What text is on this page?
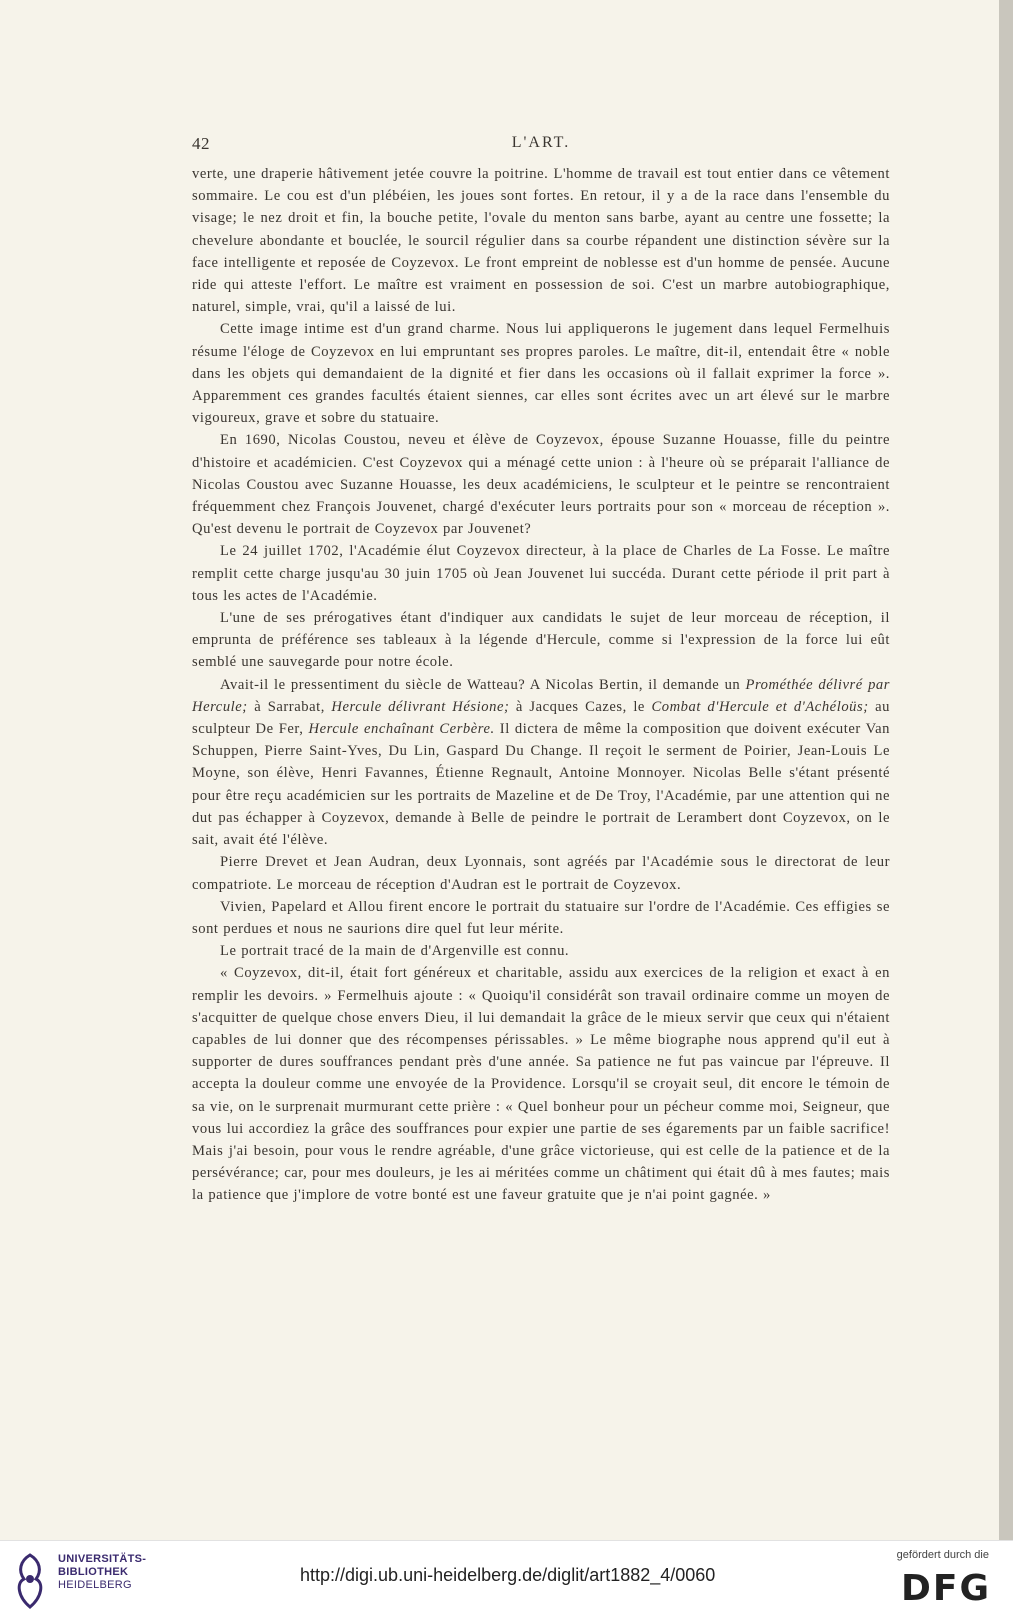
42	L'ART.

verte, une draperie hâtivement jetée couvre la poitrine. L'homme de travail est tout entier dans ce vêtement sommaire. Le cou est d'un plébéien, les joues sont fortes. En retour, il y a de la race dans l'ensemble du visage; le nez droit et fin, la bouche petite, l'ovale du menton sans barbe, ayant au centre une fossette; la chevelure abondante et bouclée, le sourcil régulier dans sa courbe répandent une distinction sévère sur la face intelligente et reposée de Coyzevox. Le front empreint de noblesse est d'un homme de pensée. Aucune ride qui atteste l'effort. Le maître est vraiment en possession de soi. C'est un marbre autobiographique, naturel, simple, vrai, qu'il a laissé de lui.

Cette image intime est d'un grand charme. Nous lui appliquerons le jugement dans lequel Fermelhuis résume l'éloge de Coyzevox en lui empruntant ses propres paroles. Le maître, dit-il, entendait être « noble dans les objets qui demandaient de la dignité et fier dans les occasions où il fallait exprimer la force ». Apparemment ces grandes facultés étaient siennes, car elles sont écrites avec un art élevé sur le marbre vigoureux, grave et sobre du statuaire.

En 1690, Nicolas Coustou, neveu et élève de Coyzevox, épouse Suzanne Houasse, fille du peintre d'histoire et académicien. C'est Coyzevox qui a ménagé cette union : à l'heure où se préparait l'alliance de Nicolas Coustou avec Suzanne Houasse, les deux académiciens, le sculpteur et le peintre se rencontraient fréquemment chez François Jouvenet, chargé d'exécuter leurs portraits pour son « morceau de réception ». Qu'est devenu le portrait de Coyzevox par Jouvenet?

Le 24 juillet 1702, l'Académie élut Coyzevox directeur, à la place de Charles de La Fosse. Le maître remplit cette charge jusqu'au 30 juin 1705 où Jean Jouvenet lui succéda. Durant cette période il prit part à tous les actes de l'Académie.

L'une de ses prérogatives étant d'indiquer aux candidats le sujet de leur morceau de réception, il emprunta de préférence ses tableaux à la légende d'Hercule, comme si l'expression de la force lui eût semblé une sauvegarde pour notre école.

Avait-il le pressentiment du siècle de Watteau? A Nicolas Bertin, il demande un Prométhée délivré par Hercule; à Sarrabat, Hercule délivrant Hésione; à Jacques Cazes, le Combat d'Hercule et d'Achéloüs; au sculpteur De Fer, Hercule enchaînant Cerbère. Il dictera de même la composition que doivent exécuter Van Schuppen, Pierre Saint-Yves, Du Lin, Gaspard Du Change. Il reçoit le serment de Poirier, Jean-Louis Le Moyne, son élève, Henri Favannes, Étienne Regnault, Antoine Monnoyer. Nicolas Belle s'étant présenté pour être reçu académicien sur les portraits de Mazeline et de De Troy, l'Académie, par une attention qui ne dut pas échapper à Coyzevox, demande à Belle de peindre le portrait de Lerambert dont Coyzevox, on le sait, avait été l'élève.

Pierre Drevet et Jean Audran, deux Lyonnais, sont agréés par l'Académie sous le directorat de leur compatriote. Le morceau de réception d'Audran est le portrait de Coyzevox.

Vivien, Papelard et Allou firent encore le portrait du statuaire sur l'ordre de l'Académie. Ces effigies se sont perdues et nous ne saurions dire quel fut leur mérite.

Le portrait tracé de la main de d'Argenville est connu.

« Coyzevox, dit-il, était fort généreux et charitable, assidu aux exercices de la religion et exact à en remplir les devoirs. » Fermelhuis ajoute : « Quoiqu'il considérât son travail ordinaire comme un moyen de s'acquitter de quelque chose envers Dieu, il lui demandait la grâce de le mieux servir que ceux qui n'étaient capables de lui donner que des récompenses périssables. » Le même biographe nous apprend qu'il eut à supporter de dures souffrances pendant près d'une année. Sa patience ne fut pas vaincue par l'épreuve. Il accepta la douleur comme une envoyée de la Providence. Lorsqu'il se croyait seul, dit encore le témoin de sa vie, on le surprenait murmurant cette prière : « Quel bonheur pour un pécheur comme moi, Seigneur, que vous lui accordiez la grâce des souffrances pour expier une partie de ses égarements par un faible sacrifice! Mais j'ai besoin, pour vous le rendre agréable, d'une grâce victorieuse, qui est celle de la patience et de la persévérance; car, pour mes douleurs, je les ai méritées comme un châtiment qui était dû à mes fautes; mais la patience que j'implore de votre bonté est une faveur gratuite que je n'ai point gagnée. »

UNIVERSITÄTS-
BIBLIOTHEK
HEIDELBERG	http://digi.ub.uni-heidelberg.de/diglit/art1882_4/0060
gefördert durch die
DFG
